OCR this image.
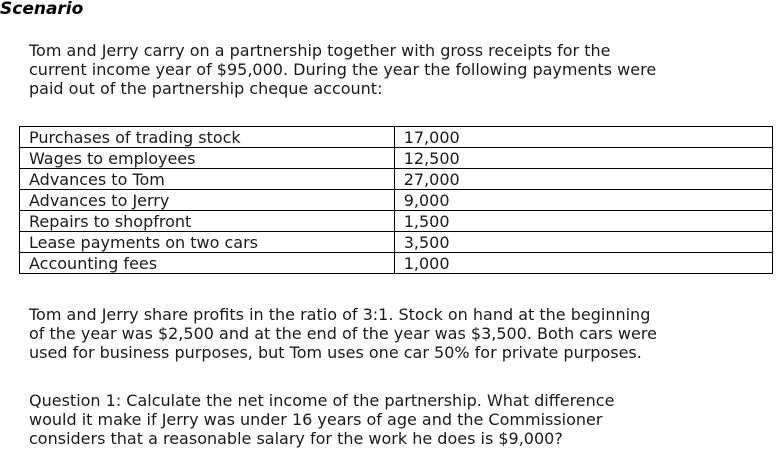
Scenario

Tom and Jerry carry on a partnership together with gross receipts for the
current income year of $95,000. During the year the following payments were
paid out of the partnership cheque account:

Purchases of trading stock	17,000
Wages to employees	12,500
Advances to Tom	27,000
Advances to Jerry	9,000
Repairs to shopfront	1,500
Lease payments on two cars	3,500
Accounting fees	1,000

Tom and Jerry share profits in the ratio of 3:1. Stock on hand at the beginning
of the year was $2,500 and at the end of the year was $3,500. Both cars were
used for business purposes, but Tom uses one car 50% for private purposes.

Question 1: Calculate the net income of the partnership. What difference
would it make if Jerry was under 16 years of age and the Commissioner
considers that a reasonable salary for the work he does is $9,000?
